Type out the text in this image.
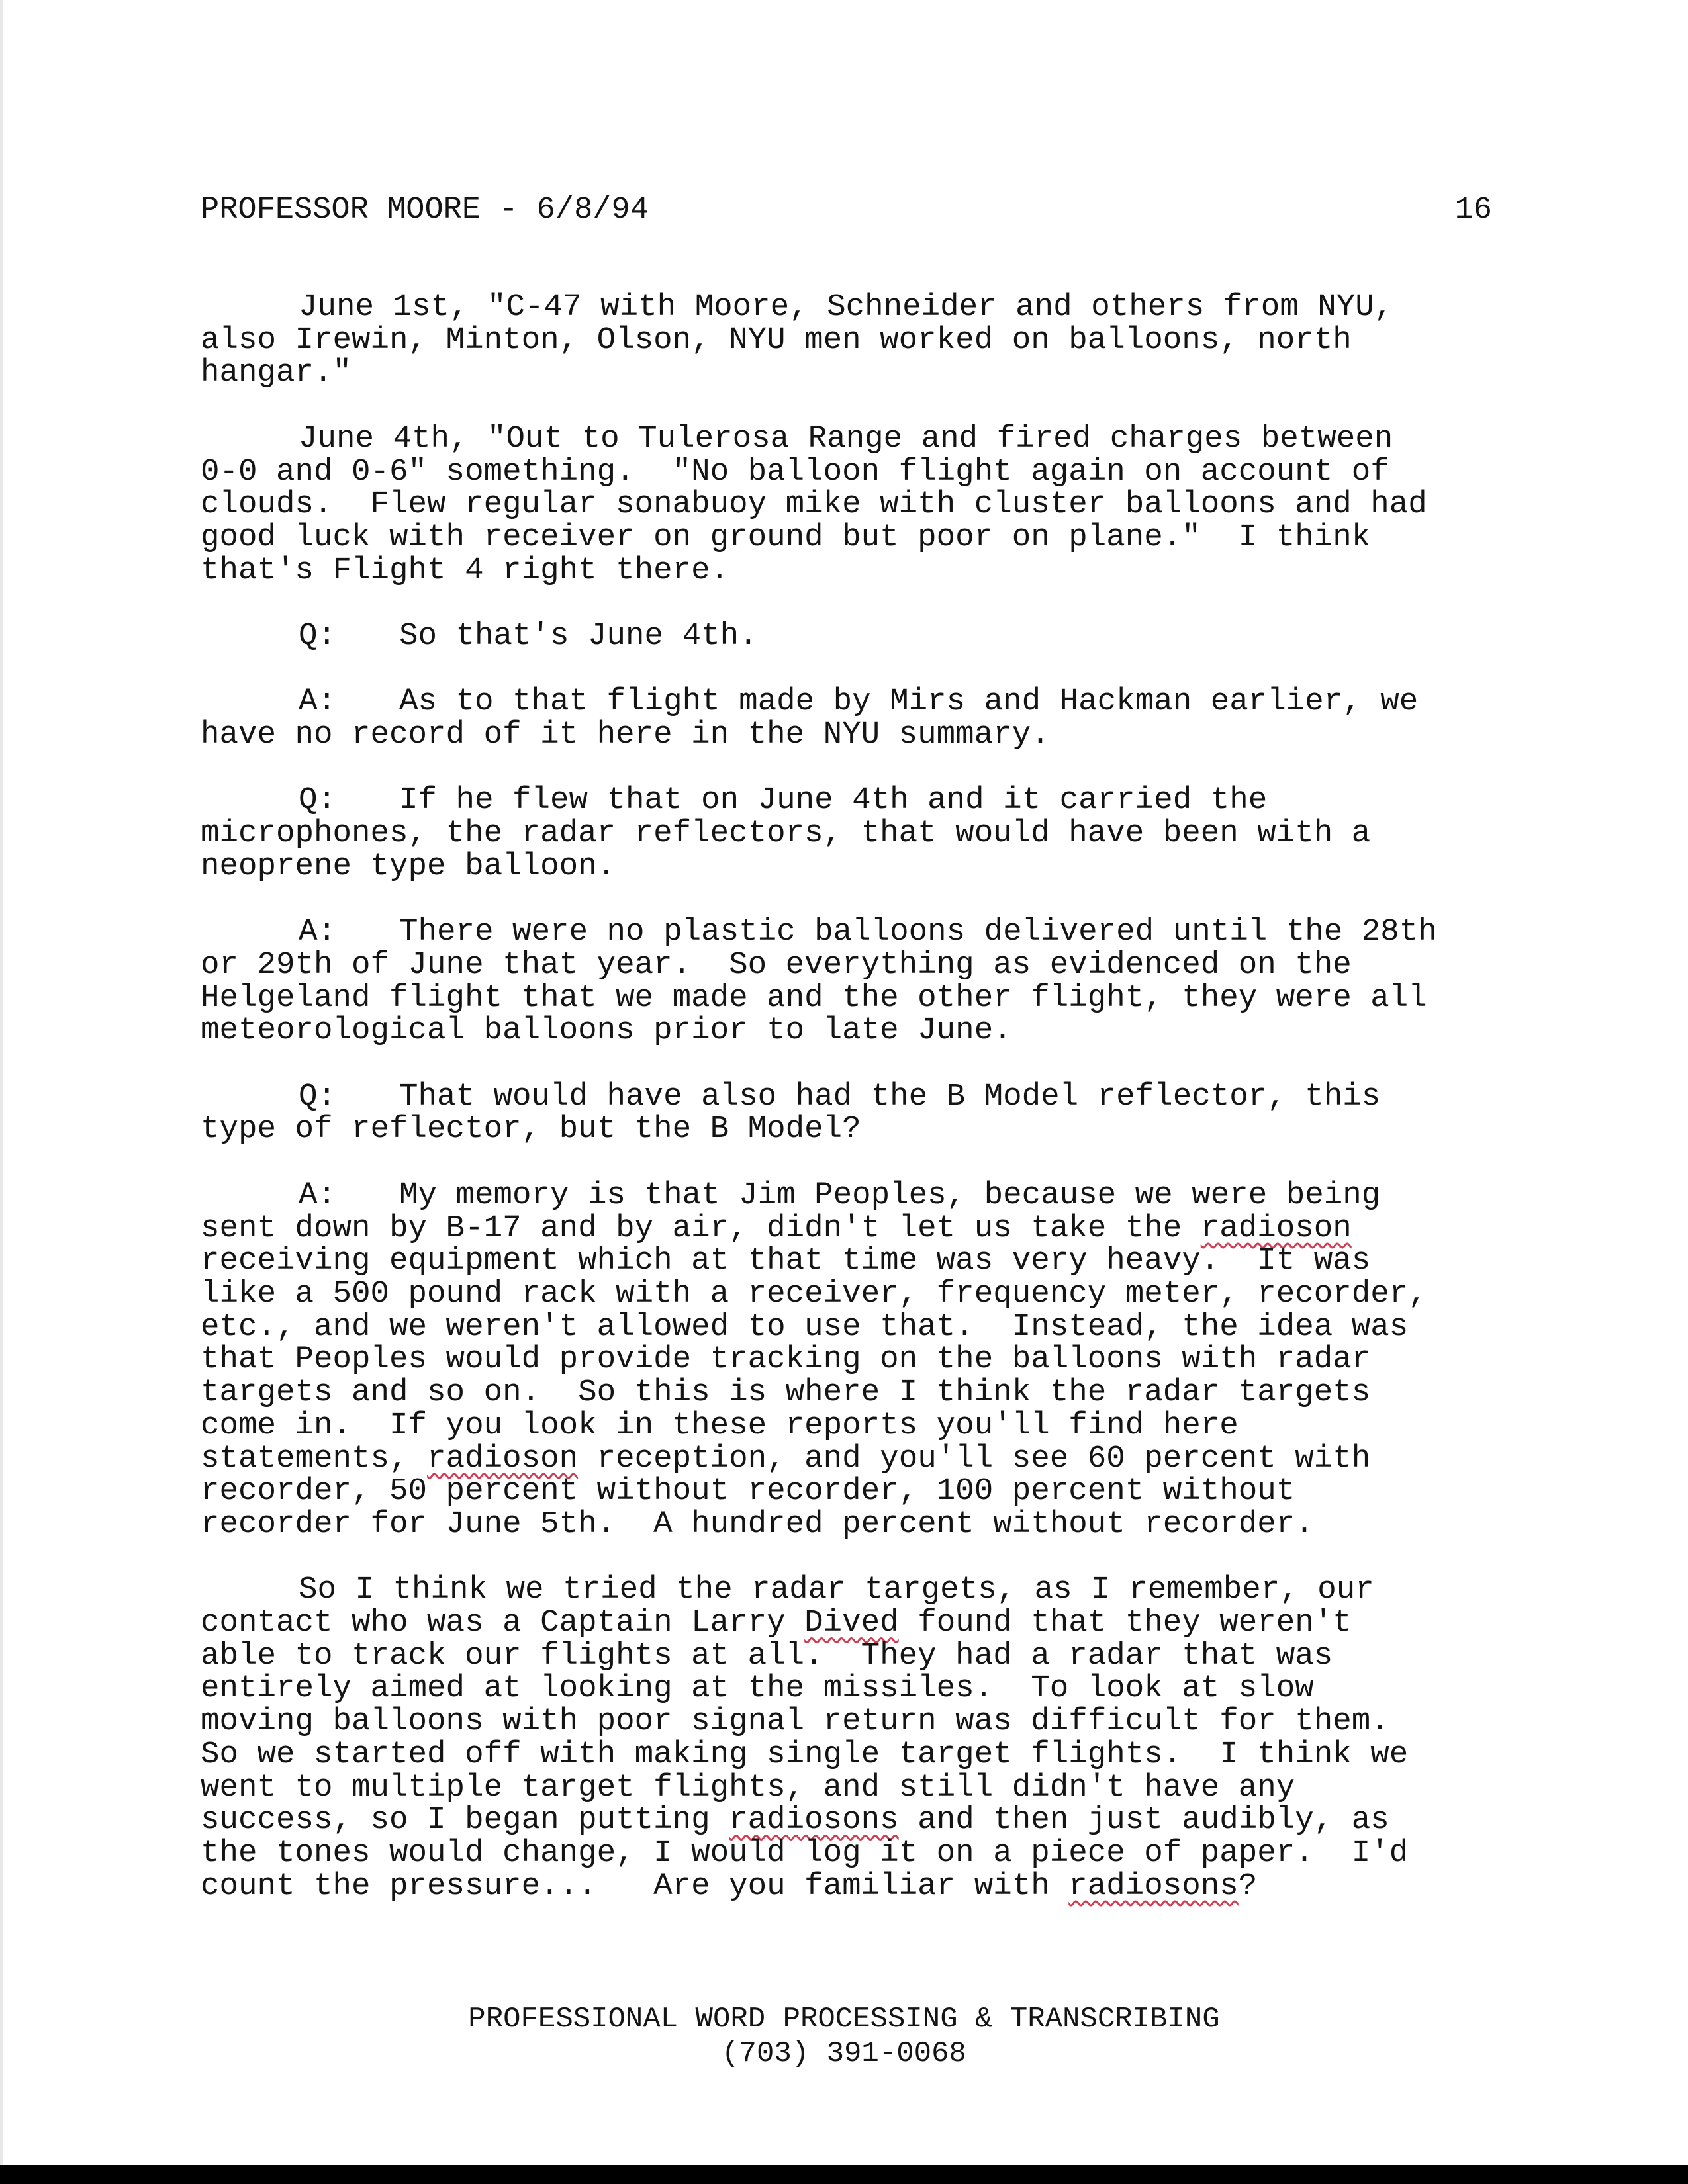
PROFESSOR MOORE - 6/8/94	16
June 1st, "C-47 with Moore, Schneider and others from NYU,
also Irewin, Minton, Olson, NYU men worked on balloons, north
hangar."
June 4th, "Out to Tulerosa Range and fired charges between
0-0 and 0-6" something.  "No balloon flight again on account of
clouds.  Flew regular sonabuoy mike with cluster balloons and had
good luck with receiver on ground but poor on plane."  I think
that's Flight 4 right there.
Q: So that's June 4th.
A: As to that flight made by Mirs and Hackman earlier, we
have no record of it here in the NYU summary.
Q: If he flew that on June 4th and it carried the
microphones, the radar reflectors, that would have been with a
neoprene type balloon.
A: There were no plastic balloons delivered until the 28th
or 29th of June that year.  So everything as evidenced on the
Helgeland flight that we made and the other flight, they were all
meteorological balloons prior to late June.
Q: That would have also had the B Model reflector, this
type of reflector, but the B Model?
A: My memory is that Jim Peoples, because we were being
sent down by B-17 and by air, didn't let us take the radioson
receiving equipment which at that time was very heavy.  It was
like a 500 pound rack with a receiver, frequency meter, recorder,
etc., and we weren't allowed to use that.  Instead, the idea was
that Peoples would provide tracking on the balloons with radar
targets and so on.  So this is where I think the radar targets
come in.  If you look in these reports you'll find here
statements, radioson reception, and you'll see 60 percent with
recorder, 50 percent without recorder, 100 percent without
recorder for June 5th.  A hundred percent without recorder.
So I think we tried the radar targets, as I remember, our
contact who was a Captain Larry Dived found that they weren't
able to track our flights at all.  They had a radar that was
entirely aimed at looking at the missiles.  To look at slow
moving balloons with poor signal return was difficult for them.
So we started off with making single target flights.  I think we
went to multiple target flights, and still didn't have any
success, so I began putting radiosons and then just audibly, as
the tones would change, I would log it on a piece of paper.  I'd
count the pressure...   Are you familiar with radiosons?
PROFESSIONAL WORD PROCESSING & TRANSCRIBING
(703) 391-0068
